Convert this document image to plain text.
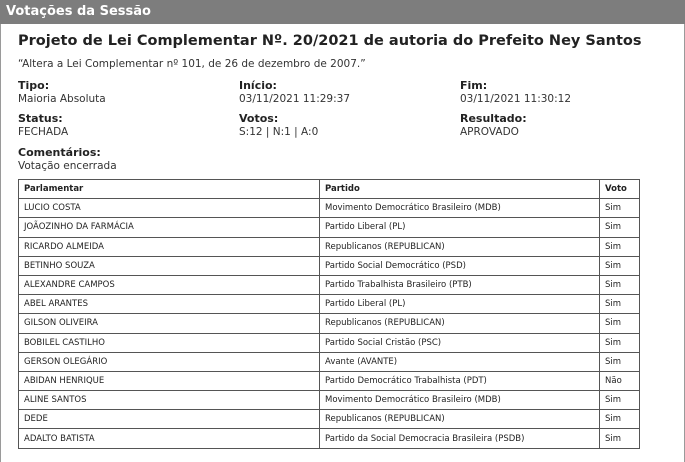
Votações da Sessão
Projeto de Lei Complementar Nº. 20/2021 de autoria do Prefeito Ney Santos
“Altera a Lei Complementar nº 101, de 26 de dezembro de 2007.”
Tipo:
Maioria Absoluta
Início:
03/11/2021 11:29:37
Fim:
03/11/2021 11:30:12
Status:
FECHADA
Votos:
S:12 | N:1 | A:0
Resultado:
APROVADO
Comentários:
Votação encerrada
Parlamentar	Partido	Voto
LUCIO COSTA	Movimento Democrático Brasileiro (MDB)	Sim
JOÃOZINHO DA FARMÁCIA	Partido Liberal (PL)	Sim
RICARDO ALMEIDA	Republicanos (REPUBLICAN)	Sim
BETINHO SOUZA	Partido Social Democrático (PSD)	Sim
ALEXANDRE CAMPOS	Partido Trabalhista Brasileiro (PTB)	Sim
ABEL ARANTES	Partido Liberal (PL)	Sim
GILSON OLIVEIRA	Republicanos (REPUBLICAN)	Sim
BOBILEL CASTILHO	Partido Social Cristão (PSC)	Sim
GERSON OLEGÁRIO	Avante (AVANTE)	Sim
ABIDAN HENRIQUE	Partido Democrático Trabalhista (PDT)	Não
ALINE SANTOS	Movimento Democrático Brasileiro (MDB)	Sim
DEDE	Republicanos (REPUBLICAN)	Sim
ADALTO BATISTA	Partido da Social Democracia Brasileira (PSDB)	Sim
